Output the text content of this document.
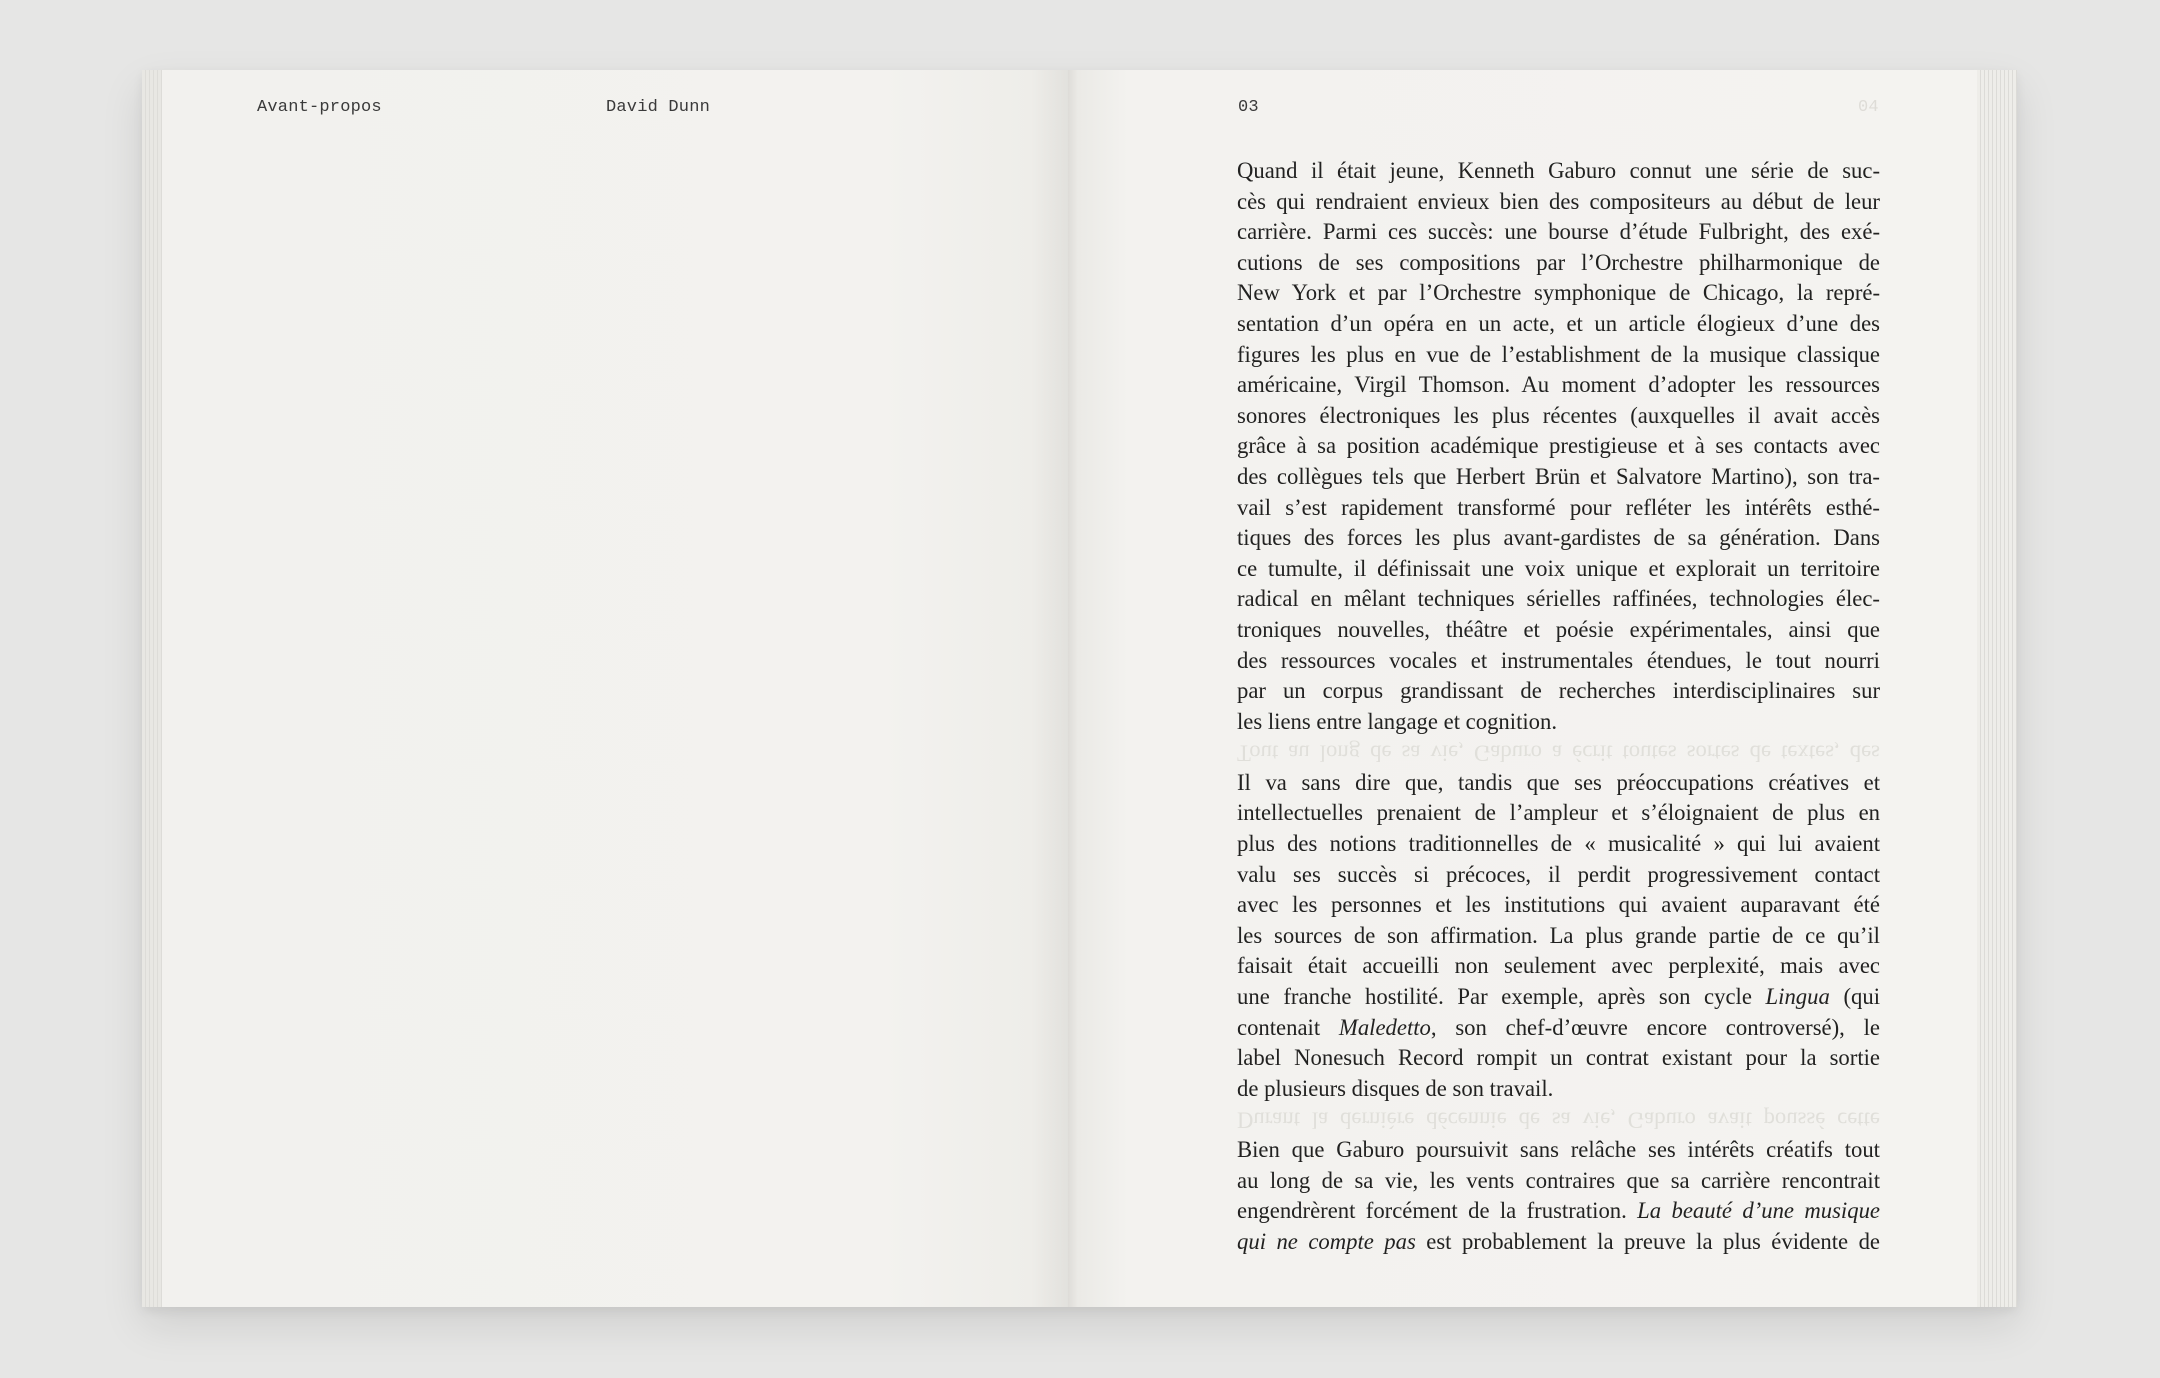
Avant-propos	David Dunn	03	04
Quand il était jeune, Kenneth Gaburo connut une série de suc-
cès qui rendraient envieux bien des compositeurs au début de leur
carrière. Parmi ces succès: une bourse d’étude Fulbright, des exé-
cutions de ses compositions par l’Orchestre philharmonique de
New York et par l’Orchestre symphonique de Chicago, la repré-
sentation d’un opéra en un acte, et un article élogieux d’une des
figures les plus en vue de l’establishment de la musique classique
américaine, Virgil Thomson. Au moment d’adopter les ressources
sonores électroniques les plus récentes (auxquelles il avait accès
grâce à sa position académique prestigieuse et à ses contacts avec
des collègues tels que Herbert Brün et Salvatore Martino), son tra-
vail s’est rapidement transformé pour refléter les intérêts esthé-
tiques des forces les plus avant-gardistes de sa génération. Dans
ce tumulte, il définissait une voix unique et explorait un territoire
radical en mêlant techniques sérielles raffinées, technologies élec-
troniques nouvelles, théâtre et poésie expérimentales, ainsi que
des ressources vocales et instrumentales étendues, le tout nourri
par un corpus grandissant de recherches interdisciplinaires sur
les liens entre langage et cognition.
Tout au long de sa vie, Gaburo a écrit toutes sortes de textes, des
Il va sans dire que, tandis que ses préoccupations créatives et
intellectuelles prenaient de l’ampleur et s’éloignaient de plus en
plus des notions traditionnelles de « musicalité » qui lui avaient
valu ses succès si précoces, il perdit progressivement contact
avec les personnes et les institutions qui avaient auparavant été
les sources de son affirmation. La plus grande partie de ce qu’il
faisait était accueilli non seulement avec perplexité, mais avec
une franche hostilité. Par exemple, après son cycle Lingua (qui
contenait Maledetto, son chef-d’œuvre encore controversé), le
label Nonesuch Record rompit un contrat existant pour la sortie
de plusieurs disques de son travail.
Durant la dernière décennie de sa vie, Gaburo avait poussé cette
Bien que Gaburo poursuivit sans relâche ses intérêts créatifs tout
au long de sa vie, les vents contraires que sa carrière rencontrait
engendrèrent forcément de la frustration. La beauté d’une musique
qui ne compte pas est probablement la preuve la plus évidente de
